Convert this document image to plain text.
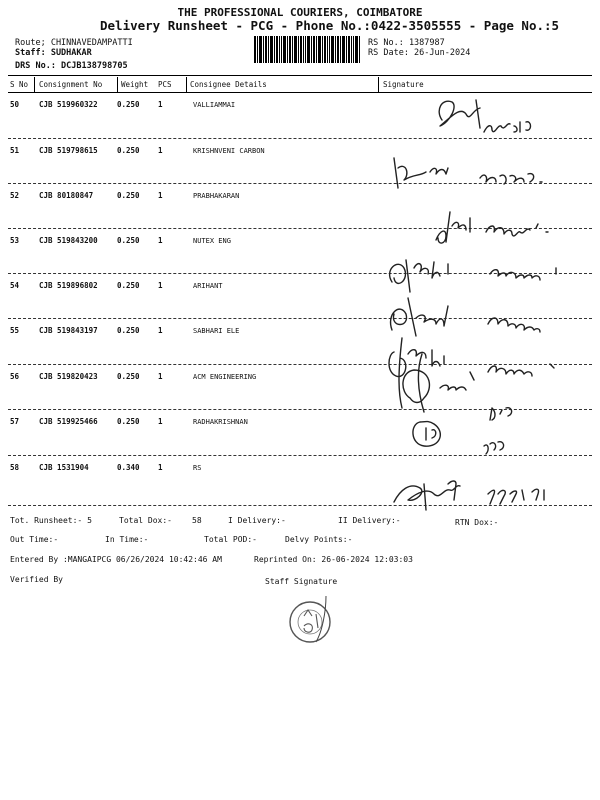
THE PROFESSIONAL COURIERS, COIMBATORE
Delivery Runsheet - PCG - Phone No.:0422-3505555 - Page No.:5
Route; CHINNAVEDAMPATTI
Staff: SUDHAKAR
DRS No.: DCJB138798705
RS No.: 1387987
RS Date: 26-Jun-2024
S No Consignment No	Weight PCS Consignee Details	Signature
50	CJB 519960322	0.250 1	VALLIAMMAI
51	CJB 519798615	0.250 1	KRISHNVENI CARBON
52	CJB 80180847	0.250 1	PRABHAKARAN
53	CJB 519843200	0.250 1	NUTEX ENG
54	CJB 519896802	0.250 1	ARIHANT
55	CJB 519843197	0.250 1	SABHARI ELE
56	CJB 519820423	0.250 1	ACM ENGINEERING
57	CJB 519925466	0.250 1	RADHAKRISHNAN
58	CJB 1531904	0.340 1	RS
Tot. Runsheet:- 5	Total Dox:-	58	I Delivery:-	II Delivery:-	RTN Dox:-
Out Time:-	In Time:-	Total POD:-	Delvy Points:-
Entered By :MANGAIPCG 06/26/2024 10:42:46 AM	Reprinted On: 26-06-2024 12:03:03
Verified By	Staff Signature
